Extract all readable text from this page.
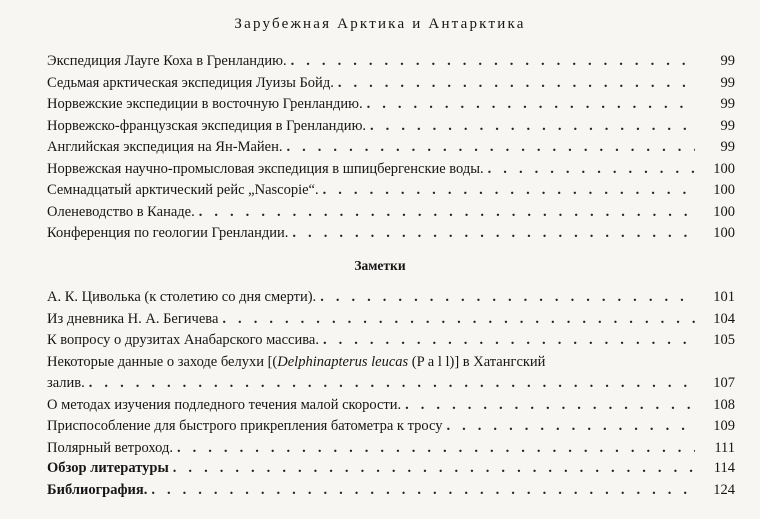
Зарубежная Арктика и Антарктика
Экспедиция Лауге Коха в Гренландию. . . .	99
Седьмая арктическая экспедиция Луизы Бойд. . . .	99
Норвежские экспедиции в восточную Гренландию. . . .	99
Норвежско-французская экспедиция в Гренландию. . . .	99
Английская экспедиция на Ян-Майен. . . .	99
Норвежская научно-промысловая экспедиция в шпицбергенские воды. . . .	100
Семнадцатый арктический рейс „Nascopie“. . . .	100
Оленеводство в Канаде. . . .	100
Конференция по геологии Гренландии. . . .	100
Заметки
А. К. Циволька (к столетию со дня смерти). . . .	101
Из дневника Н. А. Бегичева . . .	104
К вопросу о друзитах Анабарского массива. . . .	105
Некоторые данные о заходе белухи [(Delphinapterus leucas (P a l l)] в Хатангский
залив. . . .	107
О методах изучения подледного течения малой скорости. . . .	108
Приспособление для быстрого прикрепления батометра к тросу . . .	109
Полярный ветроход. . . .	111
Обзор литературы . . .	114
Библиография. . . .	124
